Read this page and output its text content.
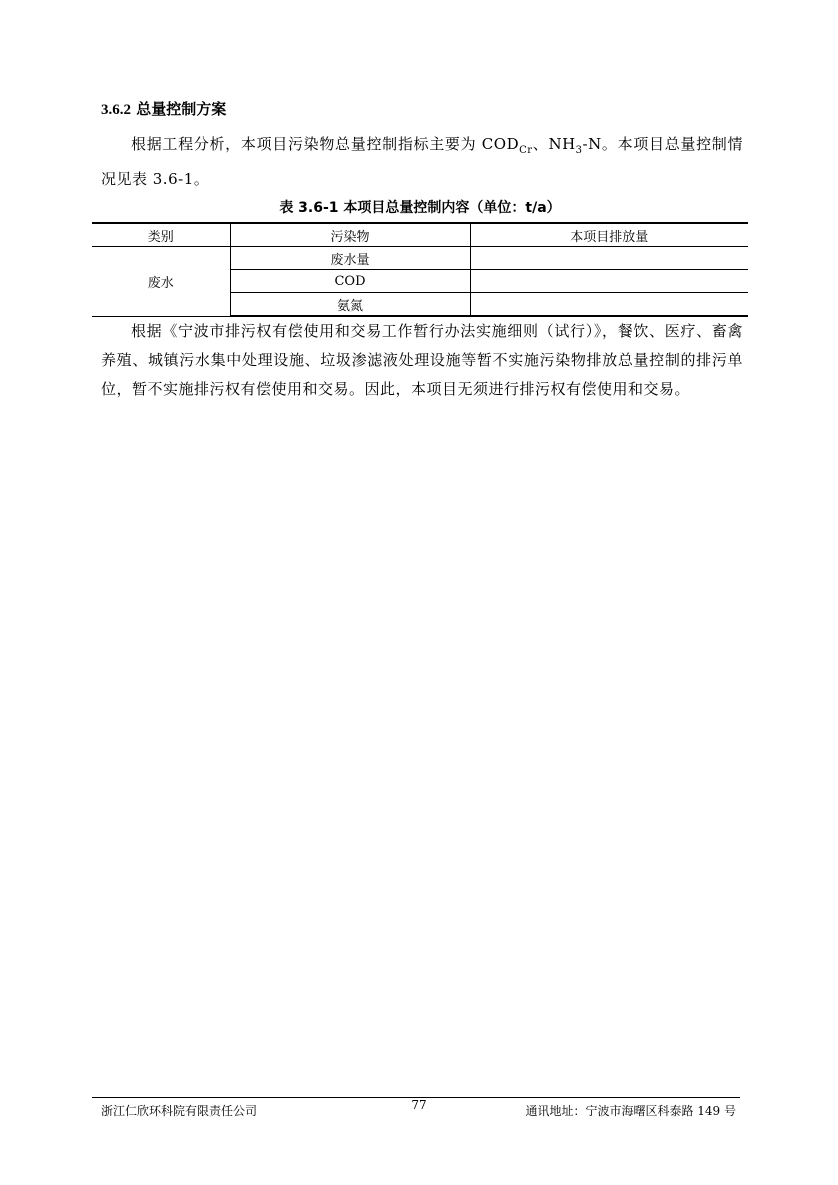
3.6.2 总量控制方案

根据工程分析，本项目污染物总量控制指标主要为 $COD_{Cr}$、$NH_3-N$。本项目总量控制情况见表 3.6-1。

表 3.6-1 本项目总量控制内容（单位：t/a）

类别	污染物	本项目排放量
废水	废水量	
	COD	
	氨氮	

根据《宁波市排污权有偿使用和交易工作暂行办法实施细则（试行）》，餐饮、医疗、畜禽养殖、城镇污水集中处理设施、垃圾渗滤液处理设施等暂不实施污染物排放总量控制的排污单位，暂不实施排污权有偿使用和交易。因此，本项目无须进行排污权有偿使用和交易。

浙江仁欣环科院有限责任公司	77	通讯地址：宁波市海曙区科泰路 149 号
